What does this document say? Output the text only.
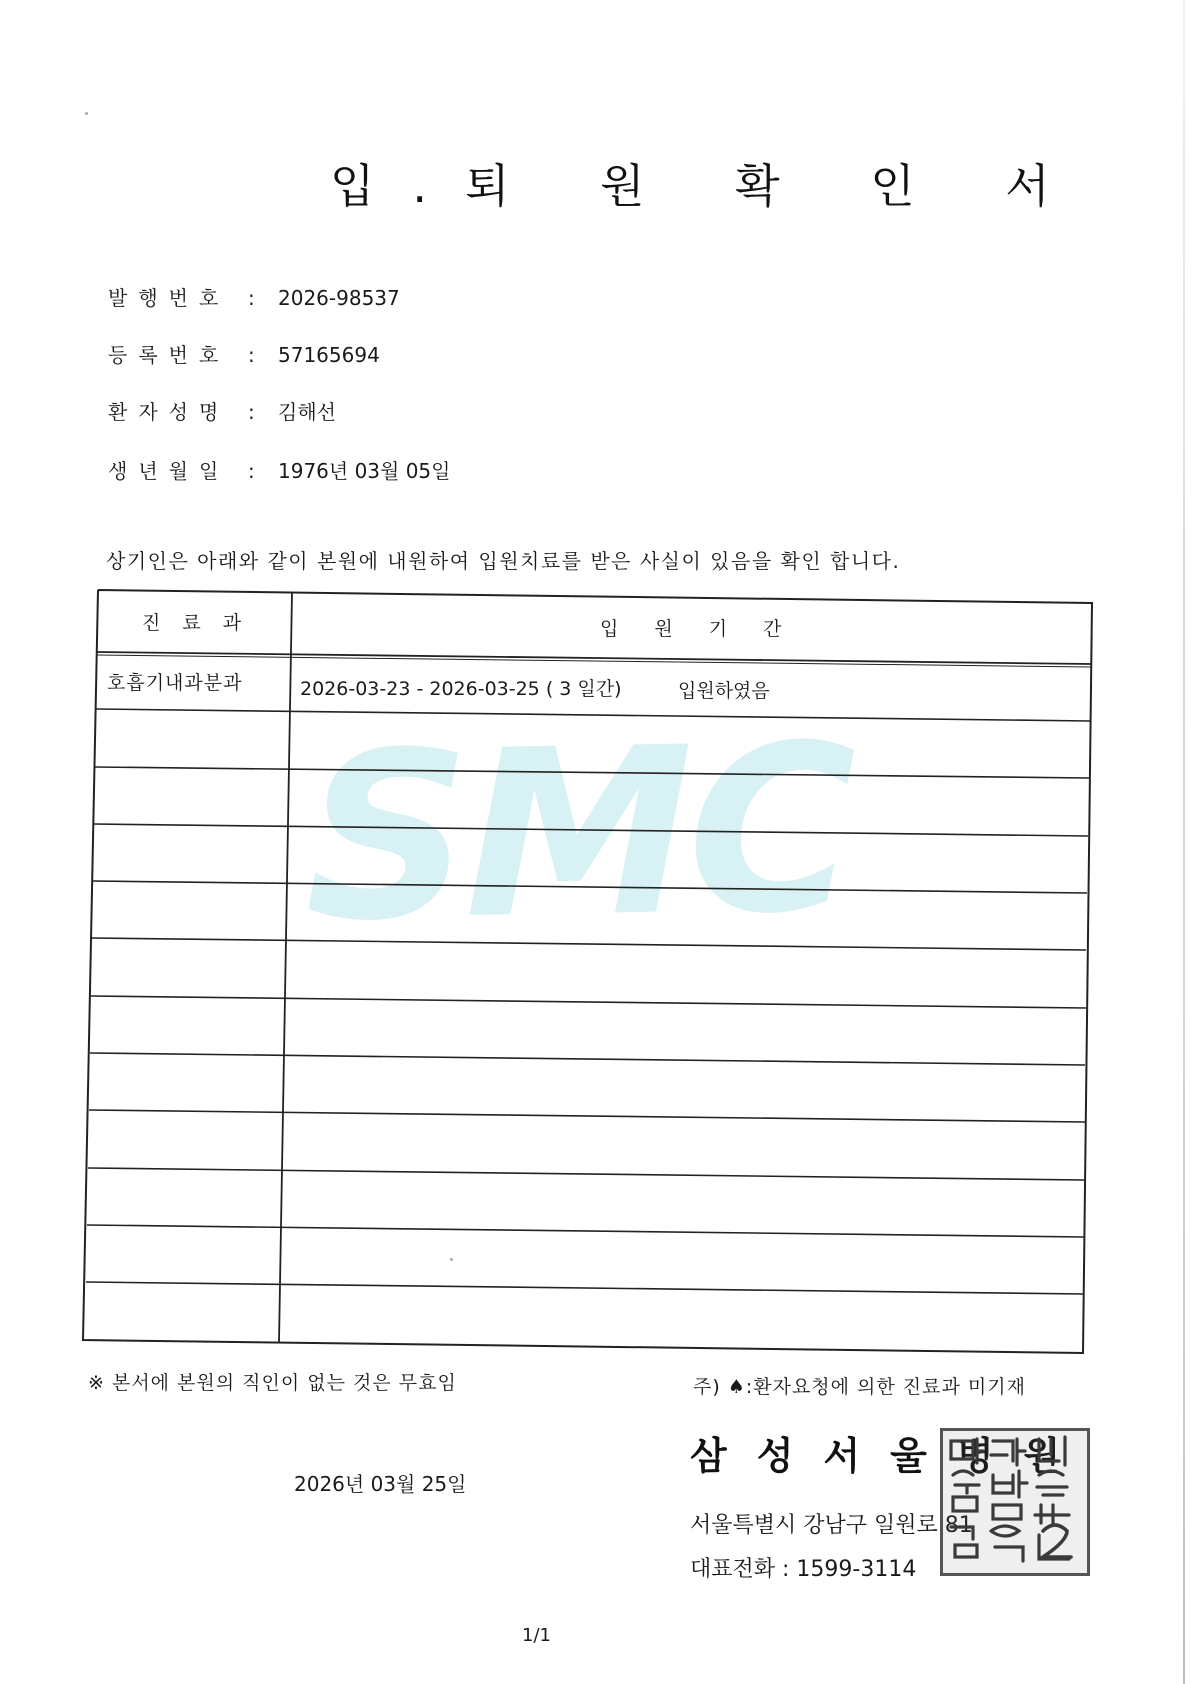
입.퇴 원 확 인 서
발행번호 : 2026-98537
등록번호 : 57165694
환자성명 : 김해선
생년월일 : 1976년 03월 05일
상기인은 아래와 같이 본원에 내원하여 입원치료를 받은 사실이 있음을 확인 합니다.
SMC
진료과	입원기간
호흡기내과분과	2026-03-23 - 2026-03-25 ( 3 일간)	입원하였음
※ 본서에 본원의 직인이 없는 것은 무효임	주) ♠:환자요청에 의한 진료과 미기재
2026년 03월 25일
삼성서울병원
서울특별시 강남구 일원로 81
대표전화 : 1599-3114
1/1
